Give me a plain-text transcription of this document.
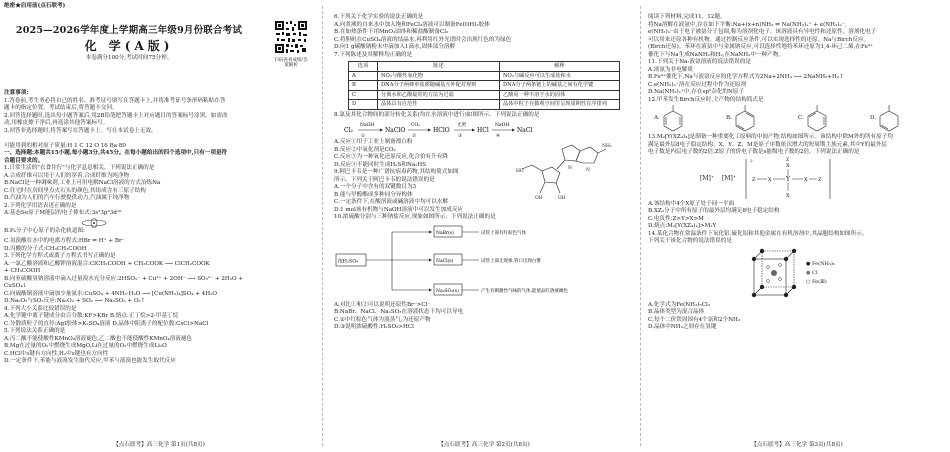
绝密★启用前(点石联考)
2025—2026学年度上学期高三年级9月份联合考试
化 学(A版)
本卷满分100分,考试时间75分钟。	扫码查看成绩/答案解析
注意事项:
1.答卷前,考生务必将自己的姓名、准考证号填写在答题卡上,并将准考证号条形码粘贴在答
题卡的指定位置。考试结束后,将答题卡交回。
2.回答选择题时,选出每小题答案后,用2B铅笔把答题卡上对应题目的答案标号涂黑。如需改
动,用橡皮擦干净后,再选涂其他答案标号。
3.回答非选择题时,将答案写在答题卡上。写在本试卷上无效。
可能用到的相对原子质量:H 1 C 12 O 16 Ba 80
一、选择题:本题共15小题,每小题3分,共45分。在每小题给出的四个选项中,只有一项是符
合题目要求的。
1.日常生活的"衣食住行"与化学息息相关。下列说法正确的是
A.合成纤维可以用于人们的穿着,合成纤维为纯净物
B.NaCl是一种调味剂,工业上可用电解NaCl溶液的方式冶炼Na
C.住宅时在房间里点火石头的颜色,其组成含有三原子结构
D.汽油为人们的汽车行驶提供动力,汽油属于纯净物
2.下列化学用语表述正确的是
A.基态Se原子M能层的电子排布式:3s²3p⁶3d¹⁰
B.P₄分子中心原子的杂化轨道图:
C.氢溴酸在水中的电离方程式:HBr ⇌ H⁺ + Br⁻
D.丙酸的分子式:CH₃CH₂COOH
3.下列化学方程式或离子方程式书写正确的是
A.一氯乙酸溶液和乙酸钾溶液混合:ClCH₂COOH + CH₃COOK ⟶ ClCH₂COOK
+ CH₃COOH
B.向亚硫酸氢钠溶液中滴入过量溴水充分反应:2HSO₃⁻ + Cu²⁺ + 2OH⁻ ⟶ SO₃²⁻ + 2H₂O +
CuSO₄↓
C.向硫酸铜溶液中滴加少量氨水:CuSO₄ + 4NH₃·H₂O ⟶ [Cu(NH₃)₄]SO₄ + 4H₂O
D.Na₂O₂与SO₂反应:Na₂O₂ + SO₂ ⟶ Na₂SO₃ + O₂↑
4.下列大小关系比较错误的是
A.化学键中离子键成分由百分数:KF>KBr B.熔点:正丁烷>2-甲基丁烷
C.分散质粒子的直径:AgI胶体>K₂SO₄溶液 D.晶体中阳离子的配位数:CsCl>NaCl
5.下列说法关系正确的是
A.丙二酸不能使酸性KMnO₄溶液褪色,乙二酸也不能使酸性KMnO₄溶液褪色
B.Mg在过量的O₂中燃烧生成MgO,Li在过量的O₂中燃烧生成Li₂O
C.HCl中s键有方向性,H₂中s键也有方向性
D.一定条件下,苯能与液溴发生取代反应,甲苯与液溴也能发生取代反应
【点石联考】高三化学 第1页(共8页)
6.下列关于化学实验的说法正确的是
A.向煮沸的自来水中加入饱和FeCl₃溶液可以制备Fe(OH)₃胶体
B.在如热条件下用MnO₂固体和稀盐酸制备Cl₂
C.将胆矾在CuSO₄溶液的结晶水,再利用红外光谱时会出现红色的为绿色
D.向1 g碳酸钠粉末中滴加入1滴水,固体部分溶解
7.下列陈述及其解释均正确的是
选项	陈述	解释
A	NO₂与酸性氧化物	NO₂与碱反应可以生成盐和水
B	DNA分子两條单盐都随碱基互补配对规则	DNA分子两条链上的碱基之间有化学键
C	分离水和乙酸最常的方法为过滤	乙酸易一种不溶于水的固体
D	晶体具有自范性	晶体中粒子在微观空间里呈现周期性有序排列
8.氯及其化合物间的部分转化关系(均在水溶液中进行)如图所示。下列说法正确的是
Cl₂
NaOH
①
NaClO
CO₂
②
HClO
光照
③
HCl
NaOH
④
NaCl
A.反应①用于工业上制备漂白粉
B.反应②中氧化剂是CO₂
C.反应③为一种氧化还原反应,化合价有升有降
D.反应④不能同时生成H₂S和Na₂HS
9.阿巴卡韦是一种广谱抗病毒药物,其结构简式如图
所示。下列关于阿巴卡韦的说法错误的是
A.一个分子中含有的双键数目为3
B.能与甲醇酯成多种同分异构体
C.一定条件下,在酸溶液或碱溶液中均可以水解
D.1 mol该有机物与NaOH溶液中可以发生加成反应
10.浓硫酸分别与三种钠盐反应,现象如图所示。下列说法正确的是
HO
OH
OH
N
NH₂
N
浓H₂SO₄
NaBr(s)
NaCl(s)
Na₂SO₃(s)
试管上部有红棕色气体
试管上部无现象,管口出现白雾
产生有刺激性气味的气体,能使品红溶液褪色
A.对比①和②可以说明还原性Br⁻>Cl⁻
B.NaBr、NaCl、Na₂SO₃在溶液状态下均可以导电
C.②中红棕色气体为溴蒸气,为还原产物
D.③说明浓硫酸性:H₂SO₃>HCl
【点石联考】高三化学 第2页(共8页)
阅读下列材料,完成11、12题。
将Na溶解在液氨中,存在如下平衡:Na+(x+n)NH₃ ⇌ Na(NH₃)ₓ⁺ + e(NH₃)ₙ⁻,
e(NH₃)ₙ⁻由于电子被氨分子包围,称为溶剂化电子。该溶液具有导电性和还原性。溶剂化电子
可以用来还原各种有机物。通过控制反应条件,可以实现选择性的还原。Na与Birch反应。
(Birch还原)。苯环在液氨中与金属钠反应,可以选择性地将苯环还原为1,4-环己二烯,在Fe³⁺
催化下与Na生成NaNH₂和H₂,在NaNH₂中一种产物。
11.下列关于Na-液氨溶液的说法错误的是
A.液氨为非电解质
B.Fe³⁺催化下,Na与液氨反应的化学方程式为2Na+2NH₃ ⟶ 2NaNH₂+H₂↑
C.e(NH₃)ₙ⁻溶在反应过程中作为还原剂
D.Na(NH₃)ₓ⁺中,存在sp³杂化的N原子
12.甲苯发生Birch反应时,主产物的结构简式是
A.	B.	C.	D.
13.M₂[Y(XZ₄)₄]是制备一种重要化工原料的中间产物,结构如图所示。该结构中除M外的所有原子均
满足最外层8电子稳定结构。X、Y、Z、M是原子序数依次增大的短周期主族元素,其中Y的最外层
电子数是内层电子数的2倍,Z原子的价电子数是s能级电子数的2倍。下列说法正确的是
[M]⁺ [M]⁺
2-
Y
X
X
X	X
Z	Z
Z
A.该结构中4个X原子处于同一平面
B.XZ₂分子中所有原子的最外层均满足8电子稳定结构
C.电负性:Z>Y>X>M
D.熔点:M₂[Y(XZ₄)₄]>M₂Y
14.某化合物在常温条件下氧化铝,硫化铝和其他金属在有机溶剂中,其晶胞结构如图所示。
下列关于该化合物的说法错误的是
● Fe(NH₃)₆
● Cl
○ Fe(Ⅲ)
A.化学式为Fe(NH₃)₆Cl₃
B.晶体类型为混合晶体
C.每个二价铁周围有4个氯和2个NH₃
D.晶体中NH₃之间存在氢键
【点石联考】高三化学 第3页(共8页)
